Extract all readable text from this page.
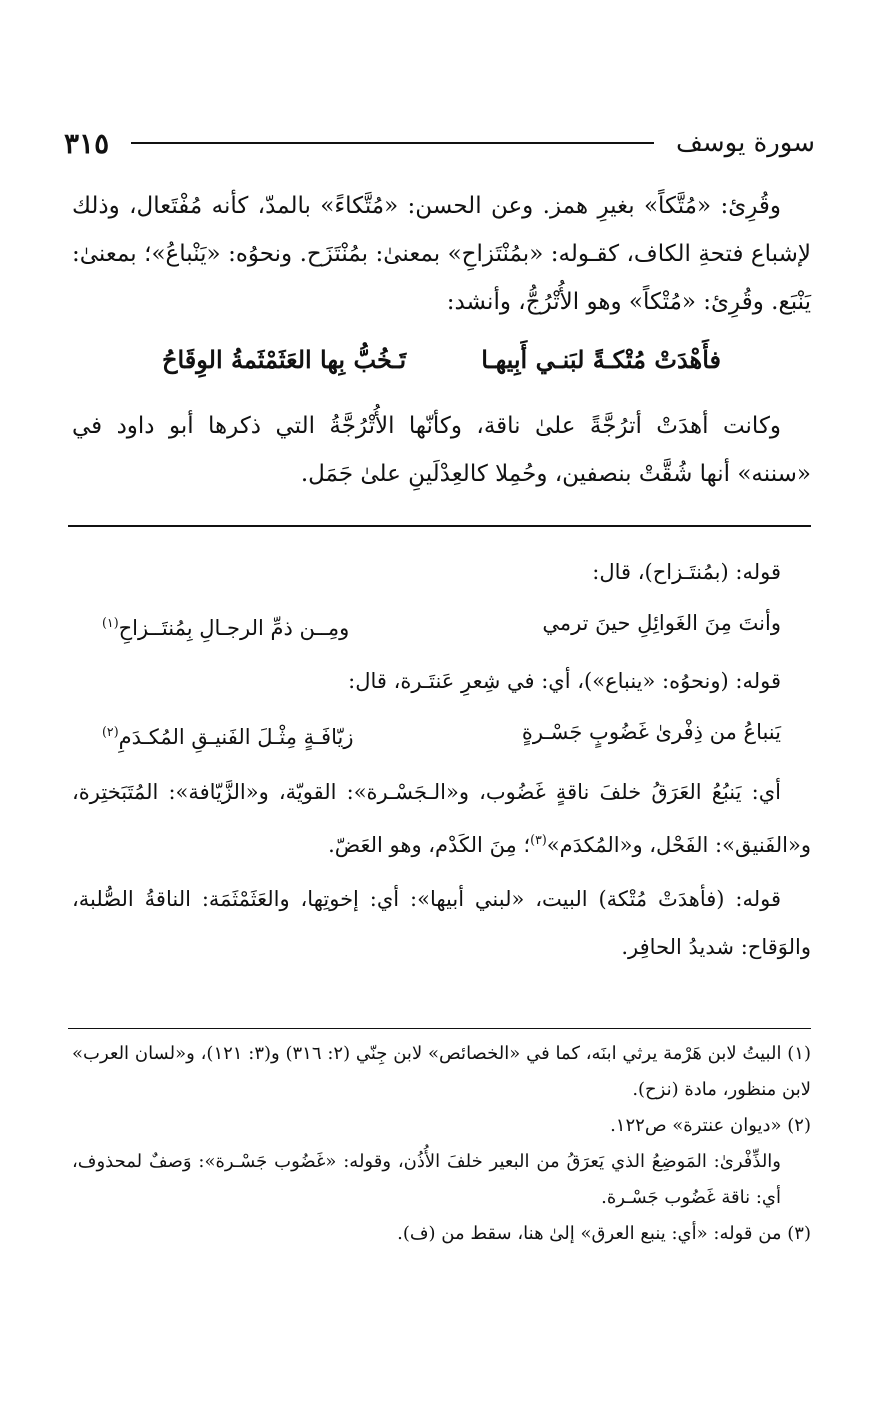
سورة يوسف
٣١٥

وقُرِئ: «مُتَّكاً» بغيرِ همز. وعن الحسن: «مُتَّكاءً» بالمدّ، كأنه مُفْتَعال، وذلك لإشباع فتحةِ الكاف، كقـوله: «بمُنْتَزاحِ» بمعنىٰ: بمُنْتَزَح. ونحوُه: «يَنْباعُ»؛ بمعنىٰ: يَنْبَع. وقُرِئ: «مُتْكاً» وهو الأُتْرُجُّ، وأنشد:

فأَهْدَتْ مُتْكـةً لبَنـي أَبِيهـا
تَـخُبُّ بِها العَثَمْثَمةُ الوِقَاحُ

وكانت أهدَتْ أترُجَّةً علىٰ ناقة، وكأنّها الأُتْرُجَّةُ التي ذكرها أبو داود في «سننه» أنها شُقَّتْ بنصفين، وحُمِلا كالعِدْلَينِ علىٰ جَمَل.

قوله: (بمُنتَـزاح)، قال:

وأنتَ مِنَ الغَوائِلِ حينَ ترمي
ومِــن ذمِّ الرجـالِ بِمُنتَــزاحِ$^{(١)}$

قوله: (ونحوُه: «ينباع»)، أي: في شِعرِ عَنتَـرة، قال:

يَنباعُ من ذِفْرىٰ غَضُوبٍ جَسْـرةٍ
زيّافَـةٍ مِثْـلَ الفَنيـقِ المُكـدَمِ$^{(٢)}$

أي: يَنبُعُ العَرَقُ خلفَ ناقةٍ غَضُوب، و«الـجَسْـرة»: القويّة، و«الزَّيّافة»: المُتَبَختِرة، و«الفَنيق»: الفَحْل، و«المُكدَم»$^{(٣)}$؛ مِنَ الكَدْم، وهو العَضّ.

قوله: (فأهدَتْ مُتْكة) البيت، «لبني أبيها»: أي: إخوتِها، والعَثَمْثَمَة: الناقةُ الصُّلبة، والوَقاح: شديدُ الحافِر.

(١) البيتُ لابن هَرْمة يرثي ابنَه، كما في «الخصائص» لابن جِنّي (٢: ٣١٦) و(٣: ١٢١)، و«لسان العرب» لابن منظور، مادة (نزح).

(٢) «ديوان عنترة» ص١٢٢.

والذِّفْرىٰ: المَوضِعُ الذي يَعرَقُ من البعير خلفَ الأُذُن، وقوله: «غَضُوب جَسْـرة»: وَصفٌ لمحذوف، أي: ناقة غَضُوب جَسْـرة.

(٣) من قوله: «أي: ينبع العرق» إلىٰ هنا، سقط من (ف).
